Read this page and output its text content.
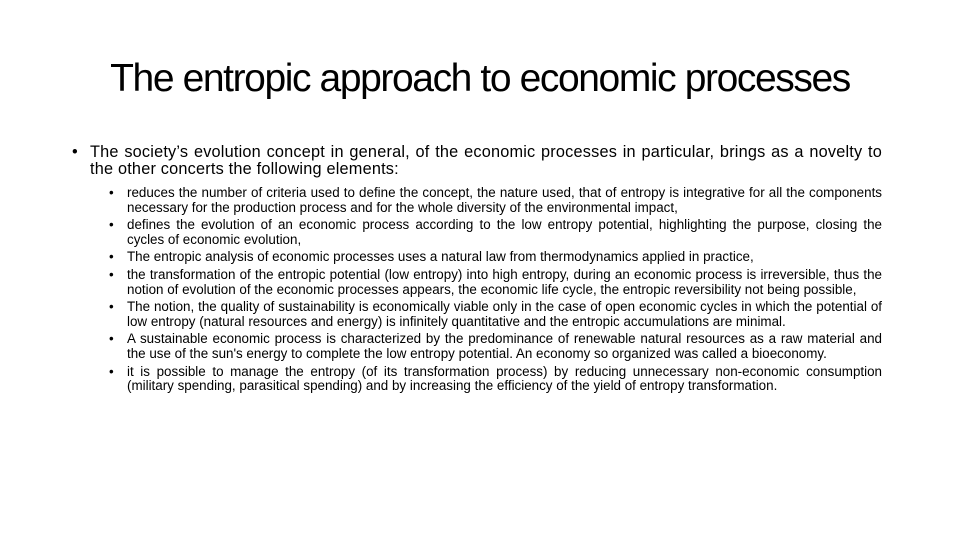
The entropic approach to economic processes

• The society’s evolution concept in general, of the economic processes in particular, brings as a novelty to the other concerts the following elements:

• reduces the number of criteria used to define the concept, the nature used, that of entropy is integrative for all the components necessary for the production process and for the whole diversity of the environmental impact,
• defines the evolution of an economic process according to the low entropy potential, highlighting the purpose, closing the cycles of economic evolution,
• The entropic analysis of economic processes uses a natural law from thermodynamics applied in practice,
• the transformation of the entropic potential (low entropy) into high entropy, during an economic process is irreversible, thus the notion of evolution of the economic processes appears, the economic life cycle, the entropic reversibility not being possible,
• The notion, the quality of sustainability is economically viable only in the case of open economic cycles in which the potential of low entropy (natural resources and energy) is infinitely quantitative and the entropic accumulations are minimal.
• A sustainable economic process is characterized by the predominance of renewable natural resources as a raw material and the use of the sun's energy to complete the low entropy potential. An economy so organized was called a bioeconomy.
• it is possible to manage the entropy (of its transformation process) by reducing unnecessary non-economic consumption (military spending, parasitical spending) and by increasing the efficiency of the yield of entropy transformation.
